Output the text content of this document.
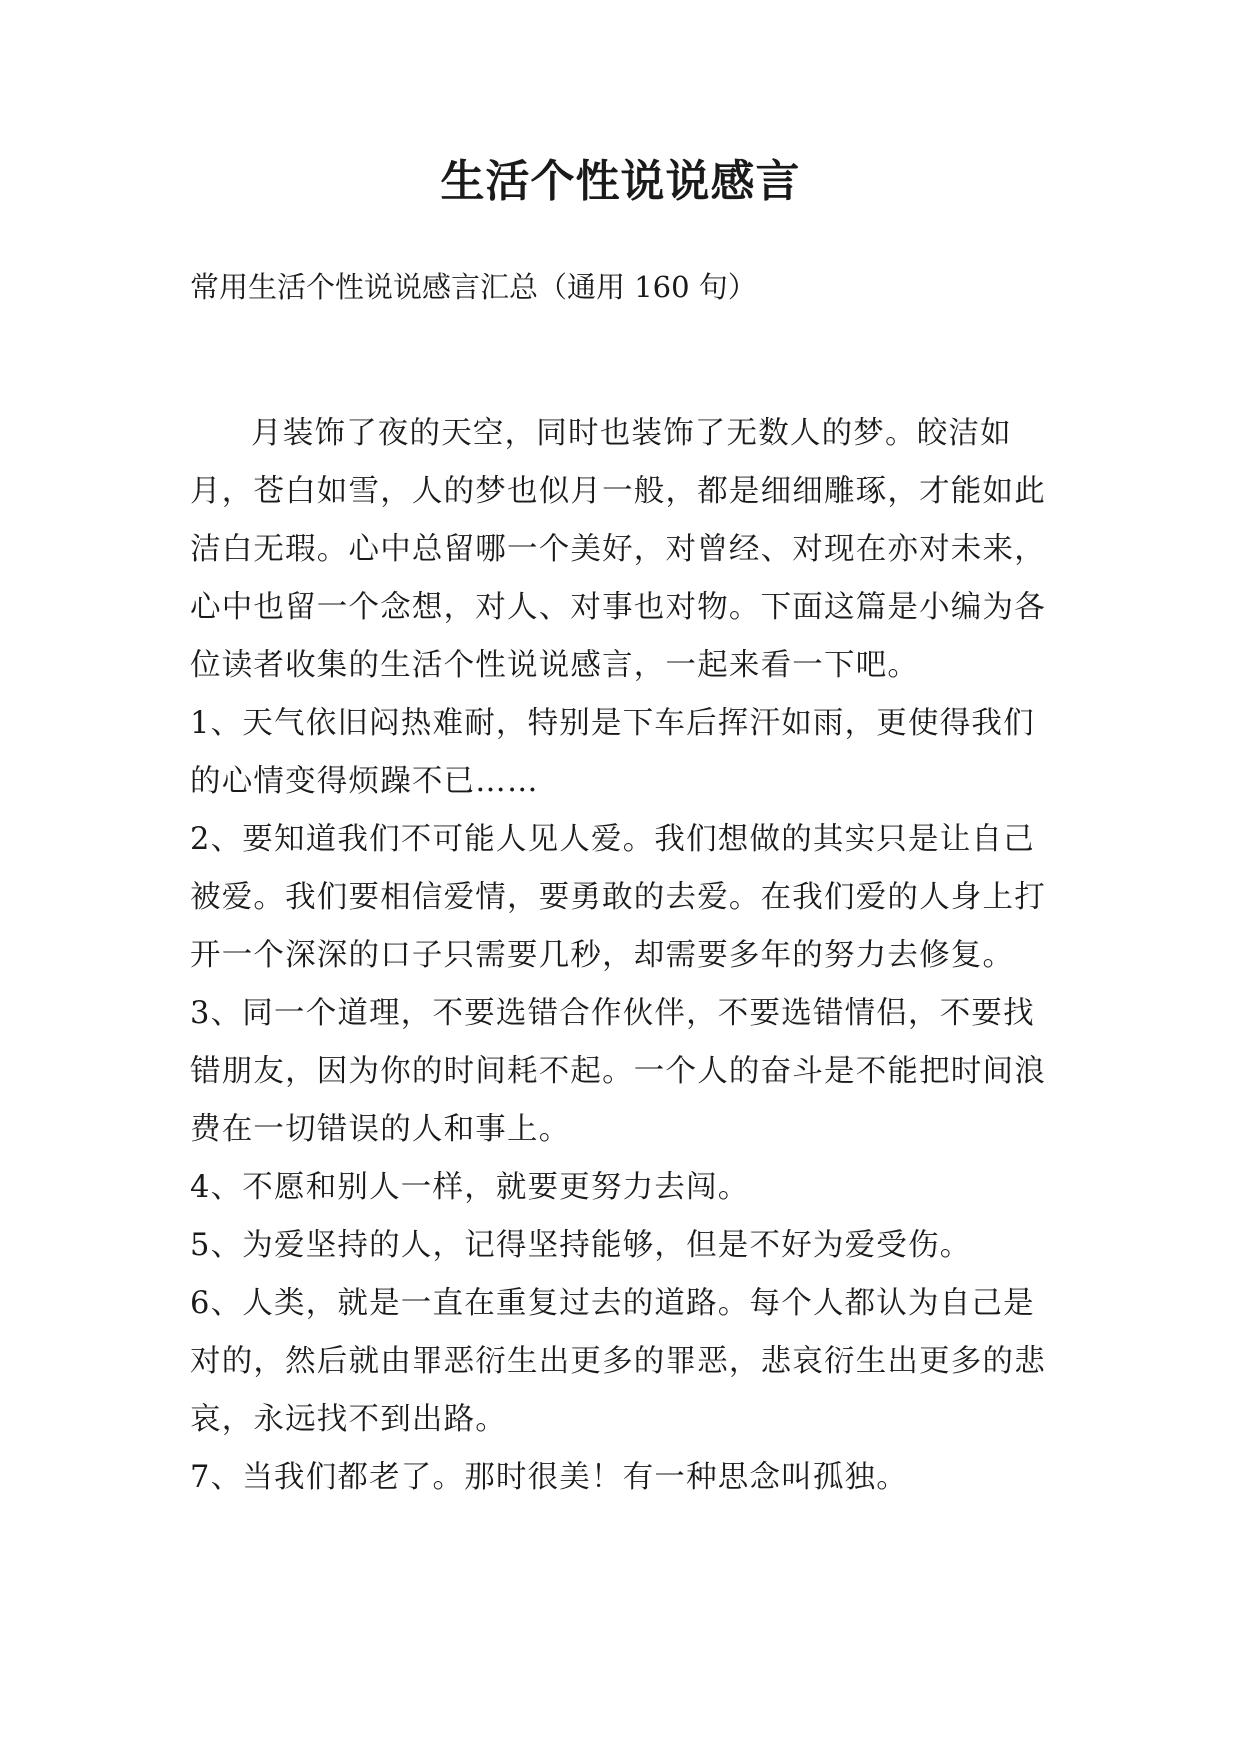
生活个性说说感言

常用生活个性说说感言汇总（通用 160 句）

月装饰了夜的天空，同时也装饰了无数人的梦。皎洁如月，苍白如雪，人的梦也似月一般，都是细细雕琢，才能如此洁白无瑕。心中总留哪一个美好，对曾经、对现在亦对未来，心中也留一个念想，对人、对事也对物。下面这篇是小编为各位读者收集的生活个性说说感言，一起来看一下吧。

1、天气依旧闷热难耐，特别是下车后挥汗如雨，更使得我们的心情变得烦躁不已……

2、要知道我们不可能人见人爱。我们想做的其实只是让自己被爱。我们要相信爱情，要勇敢的去爱。在我们爱的人身上打开一个深深的口子只需要几秒，却需要多年的努力去修复。

3、同一个道理，不要选错合作伙伴，不要选错情侣，不要找错朋友，因为你的时间耗不起。一个人的奋斗是不能把时间浪费在一切错误的人和事上。

4、不愿和别人一样，就要更努力去闯。

5、为爱坚持的人，记得坚持能够，但是不好为爱受伤。

6、人类，就是一直在重复过去的道路。每个人都认为自己是对的，然后就由罪恶衍生出更多的罪恶，悲哀衍生出更多的悲哀，永远找不到出路。

7、当我们都老了。那时很美！有一种思念叫孤独。
